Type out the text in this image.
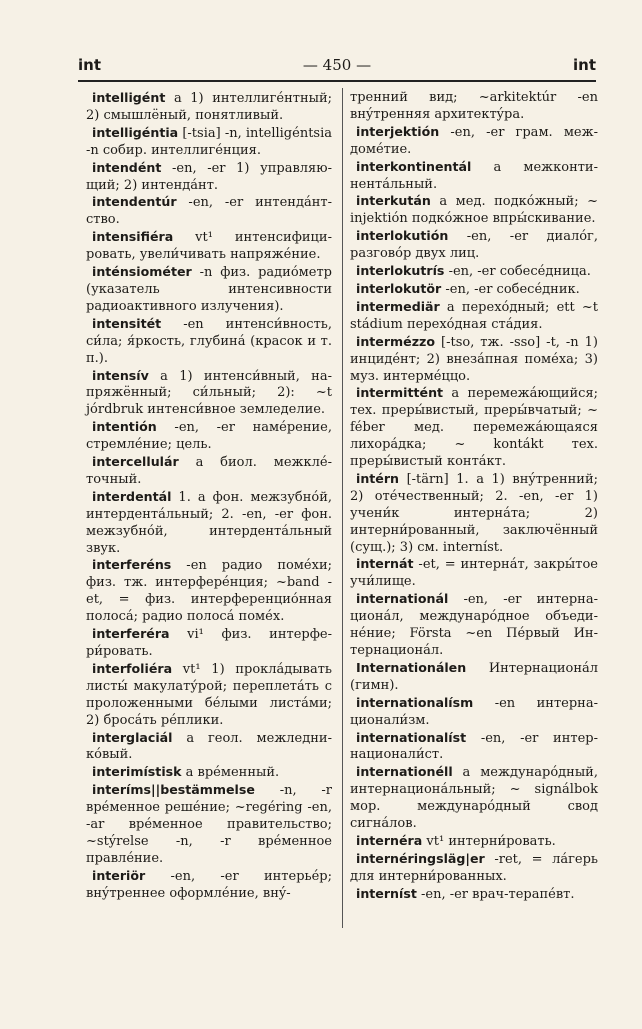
int	— 450 —	int

intelligént a 1) интеллигéнтный; 2) смышлёный, понятливый.

intelligéntia [-tsia] -n, intelligéntsia -n собир. интеллигéнция.

intendént -en, -er 1) управляющий; 2) интендáнт.

intendentúr -en, -er интендáнтство.

intensifiéra vt¹ интенсифицировать, увели́чивать напряжéние.

inténsiométer -n физ. радиóметр (указатель интенсивности радиоактивного излучения).

intensitét -en интенси́вность, си́ла; я́ркость, глубинá (красок и т. п.).

intensív a 1) интенси́вный, напряжённый; си́льный; 2): ~t jórdbruk интенси́вное земледелие.

intentión -en, -er намéрение, стремлéние; цель.

intercellulár a биол. межклéточный.

interdentál 1. a фон. межзубнóй, интердентáльный; 2. -en, -er фон. межзубнóй, интердентáльный звук.

interferéns -en радио помéхи; физ. тж. интерферéнция; ~band -et, = физ. интерференциóнная полосá; радио полосá помéх.

interferéra vi¹ физ. интерфери́ровать.

interfoliéra vt¹ 1) проклáдывать листы́ макулату́рой; переплетáть с проложенными бéлыми листáми; 2) бросáть рéплики.

interglaciál a геол. межледникóвый.

interimístisk a врéменный.

interíms||bestämmelse -n, -r врéменное решéние; ~regéring -en, -ar врéменное правительство; ~stýrelse -n, -r врéменное правлéние.

interiör -en, -er интерьéр; внýтреннее оформлéние, внý-

тренний вид; ~arkitektúr -en внýтренняя архитектýра.

interjektión -en, -er грам. междомéтие.

interkontinentál a межконтинентáльный.

interkután a мед. подкóжный; ~ injektión подкóжное впры́скивание.

interlokutión -en, -er диалóг, разговóр двух лиц.

interlokutrís -en, -er собесéдница.

interlokutör -en, -er собесéдник.

intermediär a перехóдный; ett ~t stádium перехóдная стáдия.

intermézzo [-tso, тж. -sso] -t, -n 1) инцидéнт; 2) внезáпная помéха; 3) муз. интермéццо.

intermittént a перемежáющийся; тех. преры́вистый, преры́вчатый; ~ féber мед. перемежáющаяся лихорáдка; ~ kontákt тех. преры́вистый контáкт.

intérn [-tärn] 1. a 1) внýтренний; 2) отéчественный; 2. -en, -er 1) учени́к интернáта; 2) интерни́рованный, заключённый (сущ.); 3) см. interníst.

internát -et, = интернáт, закры́тое учи́лище.

internationál -en, -er интернационáл, междунарóдное объединéние; Första ~en Пéрвый Интернационáл.

Internationálen Интернационáл (гимн).

internationalísm -en интернационали́зм.

internationalíst -en, -er интернационали́ст.

internationéll a междунарóдный, интернационáльный; ~ signálbok мор. междунарóдный свод сигнáлов.

internéra vt¹ интерни́ровать.

internéringsläg|er -ret, = лáгерь для интерни́рованных.

interníst -en, -er врач-терапéвт.
